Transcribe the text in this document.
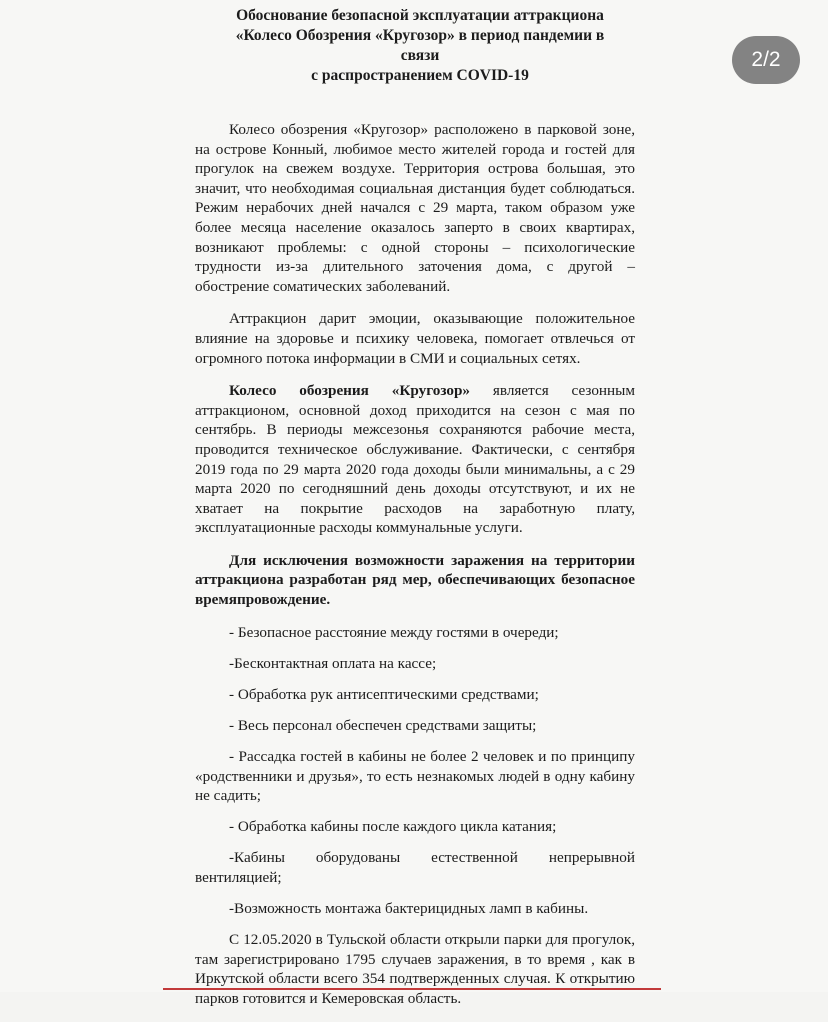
Обоснование безопасной эксплуатации аттракциона
«Колесо Обозрения «Кругозор» в период пандемии в
связи
с распространением COVID-19
2/2

Колесо обозрения «Кругозор» расположено в парковой зоне, на острове Конный, любимое место жителей города и гостей для прогулок на свежем воздухе. Территория острова большая, это значит, что необходимая социальная дистанция будет соблюдаться. Режим нерабочих дней начался с 29 марта, таком образом уже более месяца население оказалось заперто в своих квартирах, возникают проблемы: с одной стороны – психологические трудности из-за длительного заточения дома, с другой – обострение соматических заболеваний.

Аттракцион дарит эмоции, оказывающие положительное влияние на здоровье и психику человека, помогает отвлечься от огромного потока информации в СМИ и социальных сетях.

Колесо обозрения «Кругозор» является сезонным аттракционом, основной доход приходится на сезон с мая по сентябрь. В периоды межсезонья сохраняются рабочие места, проводится техническое обслуживание. Фактически, с сентября 2019 года по 29 марта 2020 года доходы были минимальны, а с 29 марта 2020 по сегодняшний день доходы отсутствуют, и их не хватает на покрытие расходов на заработную плату, эксплуатационные расходы коммунальные услуги.

Для исключения возможности заражения на территории аттракциона разработан ряд мер, обеспечивающих безопасное времяпровождение.

- Безопасное расстояние между гостями в очереди;

-Бесконтактная оплата на кассе;

- Обработка рук антисептическими средствами;

- Весь персонал обеспечен средствами защиты;

- Рассадка гостей в кабины не более 2 человек и по принципу «родственники и друзья», то есть незнакомых людей в одну кабину не садить;

- Обработка кабины после каждого цикла катания;

-Кабины оборудованы естественной непрерывной вентиляцией;

-Возможность монтажа бактерицидных ламп в кабины.

С 12.05.2020 в Тульской области открыли парки для прогулок, там зарегистрировано 1795 случаев заражения, в то время , как в Иркутской области всего 354 подтвержденных случая. К открытию парков готовится и Кемеровская область.
